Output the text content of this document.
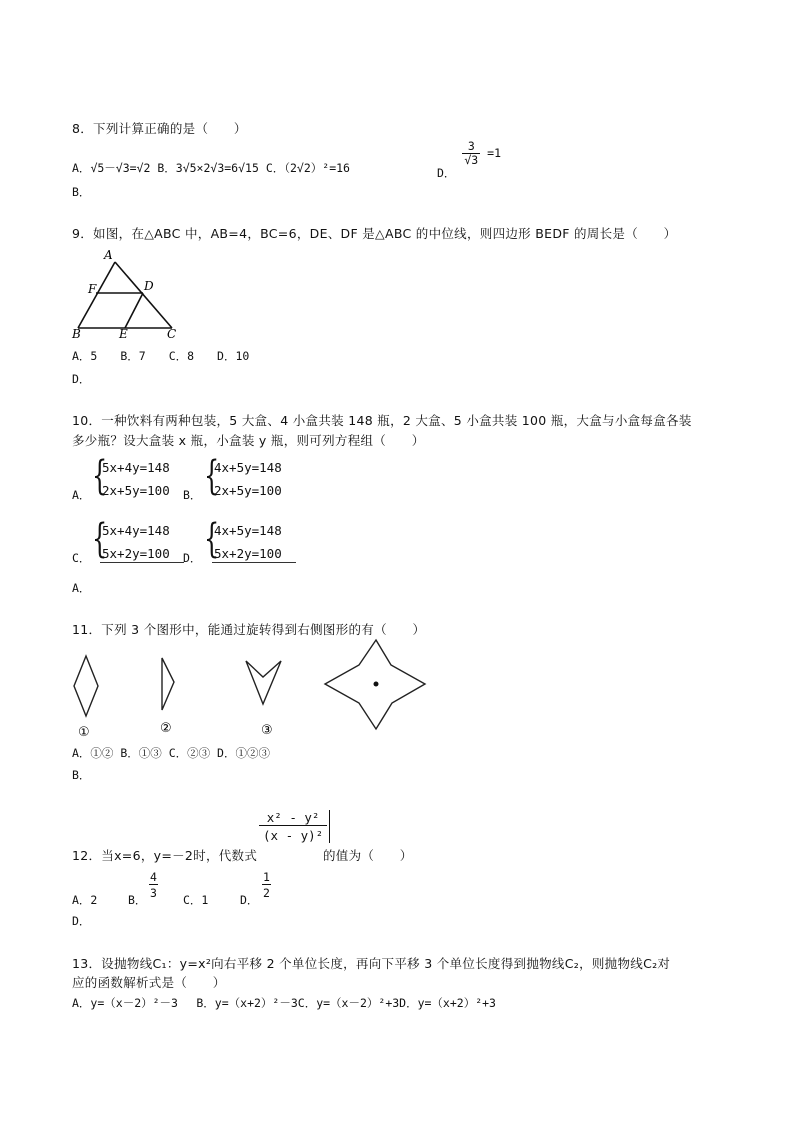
8．下列计算正确的是（　　）
A．√5－√3=√2 B．3√5×2√3=6√15 C．（2√2）²=16	D．
$\frac{3}{√3} =1$
B．
9．如图，在△ABC 中，AB=4，BC=6，DE、DF 是△ABC 的中位线，则四边形 BEDF 的周长是（　　）
A
F	D
B	E	C
A．5　　B．7　　C．8　　D．10
D．
10．一种饮料有两种包装，5 大盒、4 小盒共装 148 瓶，2 大盒、5 小盒共装 100 瓶，大盒与小盒每盒各装
多少瓶？设大盒装 x 瓶，小盒装 y 瓶，则可列方程组（　　）
A． {
5x+4y=148
2x+5y=100 B． {
4x+5y=148
2x+5y=100
C． {
5x+4y=148
5x+2y=100 D． {
4x+5y=148
5x+2y=100
A．
11．下列 3 个图形中，能通过旋转得到右侧图形的有（　　）
①	②	③
A．①② B．①③ C．②③ D．①②③
B．
12．当x=6，y=－2时，代数式
$\frac{\text{x² - y²}}{\text{(x - y)²}}$
的值为（　　）
A．2	B． $\frac{4}{3}$ C．1	D． $\frac{1}{2}$
D．
13．设抛物线C₁：y=x²向右平移 2 个单位长度，再向下平移 3 个单位长度得到抛物线C₂，则抛物线C₂对
应的函数解析式是（　　）
A．y=（x－2）²－3　 B．y=（x+2）²－3C．y=（x－2）²+3D．y=（x+2）²+3
